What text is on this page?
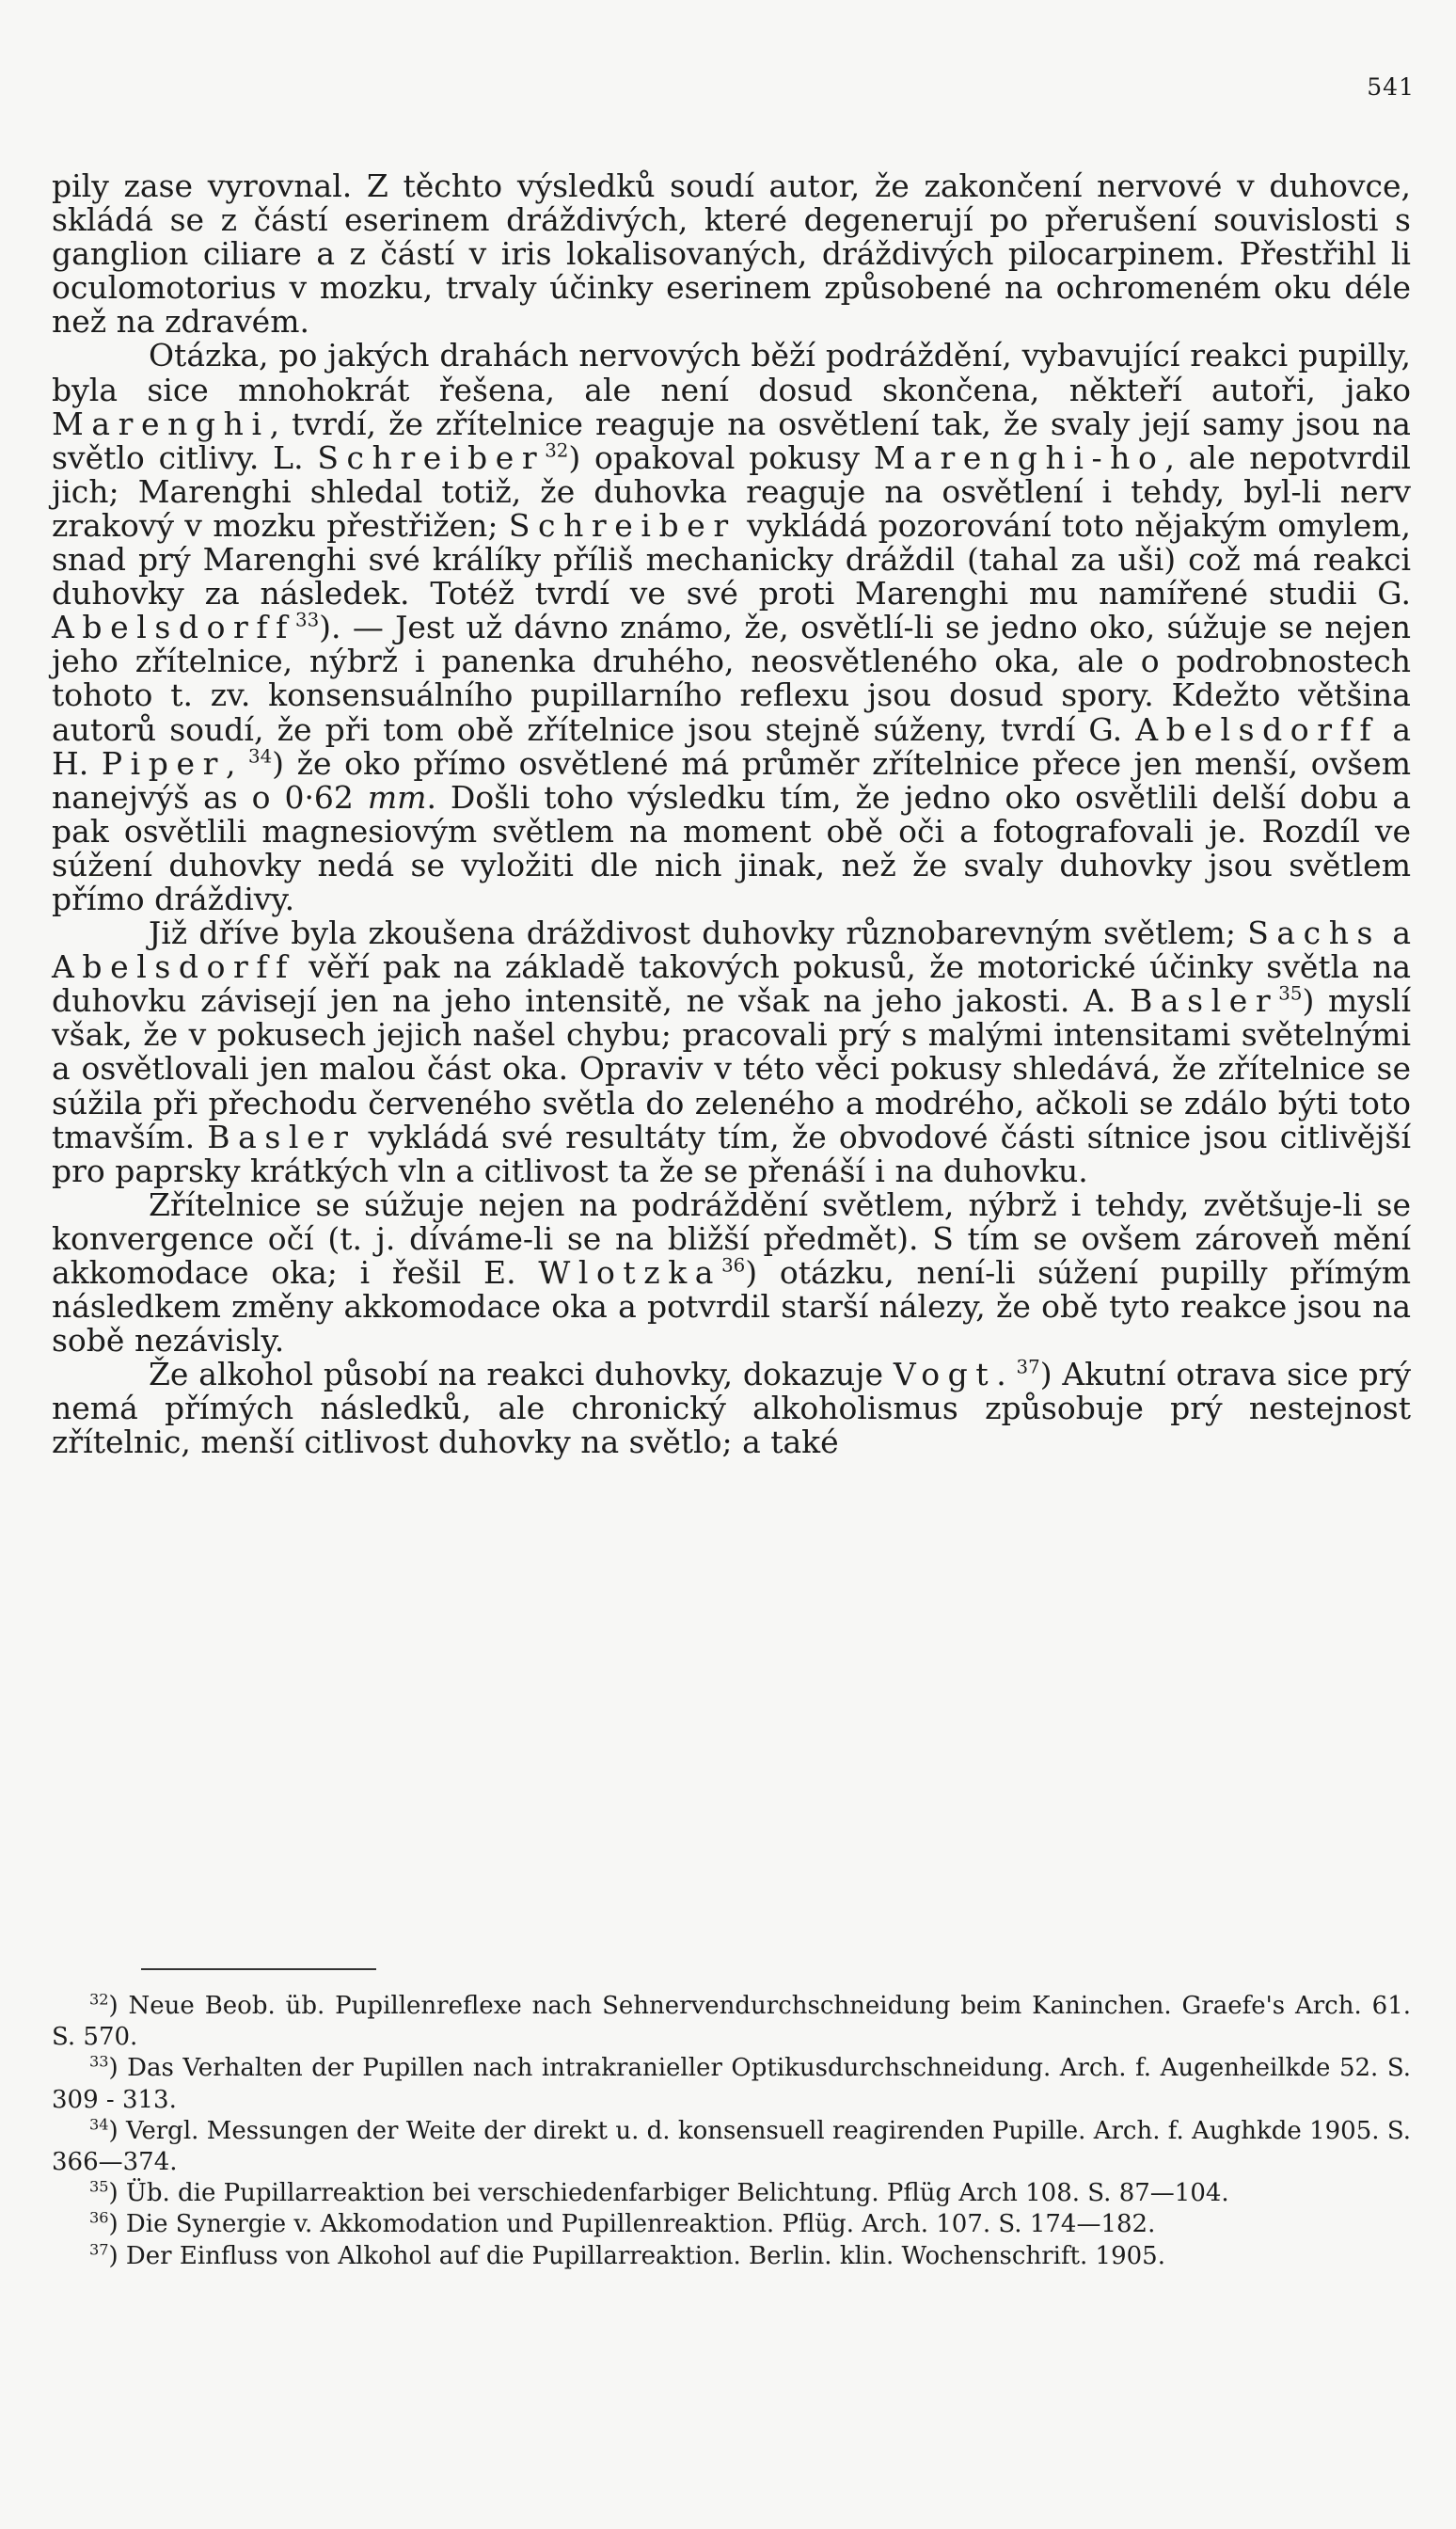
541

pily zase vyrovnal. Z těchto výsledků soudí autor, že zakončení nervové v duhovce, skládá se z částí eserinem dráždivých, které degenerují po přerušení souvislosti s ganglion ciliare a z částí v iris lokalisovaných, dráždivých pilocarpinem. Přestřihl li oculomotorius v mozku, trvaly účinky eserinem způsobené na ochromeném oku déle než na zdravém.

Otázka, po jakých drahách nervových běží podráždění, vybavující reakci pupilly, byla sice mnohokrát řešena, ale není dosud skončena, někteří autoři, jako Marenghi, tvrdí, že zřítelnice reaguje na osvětlení tak, že svaly její samy jsou na světlo citlivy. L. Schreiber$^{32}$) opakoval pokusy Marenghi-ho, ale nepotvrdil jich; Marenghi shledal totiž, že duhovka reaguje na osvětlení i tehdy, byl-li nerv zrakový v mozku přestřižen; Schreiber vykládá pozorování toto nějakým omylem, snad prý Marenghi své králíky příliš mechanicky dráždil (tahal za uši) což má reakci duhovky za následek. Totéž tvrdí ve své proti Marenghi mu namířené studii G. Abelsdorff$^{33}$). — Jest už dávno známo, že, osvětlí-li se jedno oko, súžuje se nejen jeho zřítelnice, nýbrž i panenka druhého, neosvětleného oka, ale o podrobnostech tohoto t. zv. konsensuálního pupillarního reflexu jsou dosud spory. Kdežto většina autorů soudí, že při tom obě zřítelnice jsou stejně súženy, tvrdí G. Abelsdorff a H. Piper, $^{34}$) že oko přímo osvětlené má průměr zřítelnice přece jen menší, ovšem nanejvýš as o 0·62 mm. Došli toho výsledku tím, že jedno oko osvětlili delší dobu a pak osvětlili magnesiovým světlem na moment obě oči a fotografovali je. Rozdíl ve súžení duhovky nedá se vyložiti dle nich jinak, než že svaly duhovky jsou světlem přímo dráždivy.

Již dříve byla zkoušena dráždivost duhovky různobarevným světlem; Sachs a Abelsdorff věří pak na základě takových pokusů, že motorické účinky světla na duhovku závisejí jen na jeho intensitě, ne však na jeho jakosti. A. Basler$^{35}$) myslí však, že v pokusech jejich našel chybu; pracovali prý s malými intensitami světelnými a osvětlovali jen malou část oka. Opraviv v této věci pokusy shledává, že zřítelnice se súžila při přechodu červeného světla do zeleného a modrého, ačkoli se zdálo býti toto tmavším. Basler vykládá své resultáty tím, že obvodové části sítnice jsou citlivější pro paprsky krátkých vln a citlivost ta že se přenáší i na duhovku.

Zřítelnice se súžuje nejen na podráždění světlem, nýbrž i tehdy, zvětšuje-li se konvergence očí (t. j. díváme-li se na bližší předmět). S tím se ovšem zároveň mění akkomodace oka; i řešil E. Wlotzka$^{36}$) otázku, není-li súžení pupilly přímým následkem změny akkomodace oka a potvrdil starší nálezy, že obě tyto reakce jsou na sobě nezávisly.

Že alkohol působí na reakci duhovky, dokazuje Vogt. $^{37}$) Akutní otrava sice prý nemá přímých následků, ale chronický alkoholismus způsobuje prý nestejnost zřítelnic, menší citlivost duhovky na světlo; a také

$^{32}$) Neue Beob. üb. Pupillenreflexe nach Sehnervendurchschneidung beim Kaninchen. Graefe's Arch. 61. S. 570.

$^{33}$) Das Verhalten der Pupillen nach intrakranieller Optikusdurchschneidung. Arch. f. Augenheilkde 52. S. 309 - 313.

$^{34}$) Vergl. Messungen der Weite der direkt u. d. konsensuell reagirenden Pupille. Arch. f. Aughkde 1905. S. 366—374.

$^{35}$) Üb. die Pupillarreaktion bei verschiedenfarbiger Belichtung. Pflüg Arch 108. S. 87—104.

$^{36}$) Die Synergie v. Akkomodation und Pupillenreaktion. Pflüg. Arch. 107. S. 174—182.

$^{37}$) Der Einfluss von Alkohol auf die Pupillarreaktion. Berlin. klin. Wochenschrift. 1905.
